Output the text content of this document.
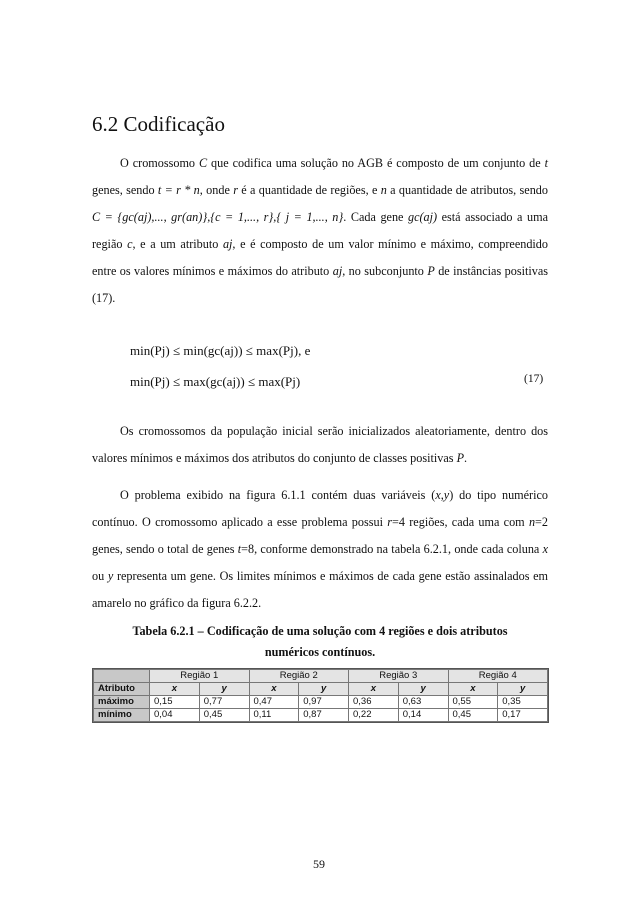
6.2 Codificação

O cromossomo C que codifica uma solução no AGB é composto de um conjunto de t genes, sendo t = r * n, onde r é a quantidade de regiões, e n a quantidade de atributos, sendo C = {gc(aj),..., gr(an)},{c = 1,..., r},{ j = 1,..., n}. Cada gene gc(aj) está associado a uma região c, e a um atributo aj, e é composto de um valor mínimo e máximo, compreendido entre os valores mínimos e máximos do atributo aj, no subconjunto P de instâncias positivas (17).

min(Pj) ≤ min(gc(aj)) ≤ max(Pj), e
min(Pj) ≤ max(gc(aj)) ≤ max(Pj)	(17)

Os cromossomos da população inicial serão inicializados aleatoriamente, dentro dos valores mínimos e máximos dos atributos do conjunto de classes positivas P.

O problema exibido na figura 6.1.1 contém duas variáveis (x,y) do tipo numérico contínuo. O cromossomo aplicado a esse problema possui r=4 regiões, cada uma com n=2 genes, sendo o total de genes t=8, conforme demonstrado na tabela 6.2.1, onde cada coluna x ou y representa um gene. Os limites mínimos e máximos de cada gene estão assinalados em amarelo no gráfico da figura 6.2.2.

Tabela 6.2.1 – Codificação de uma solução com 4 regiões e dois atributos
numéricos contínuos.
	Região 1		Região 2		Região 3		Região 4	
Atributo	x	y	x	y	x	y	x	y
máximo	0,15	0,77	0,47	0,97	0,36	0,63	0,55	0,35
mínimo	0,04	0,45	0,11	0,87	0,22	0,14	0,45	0,17
59
